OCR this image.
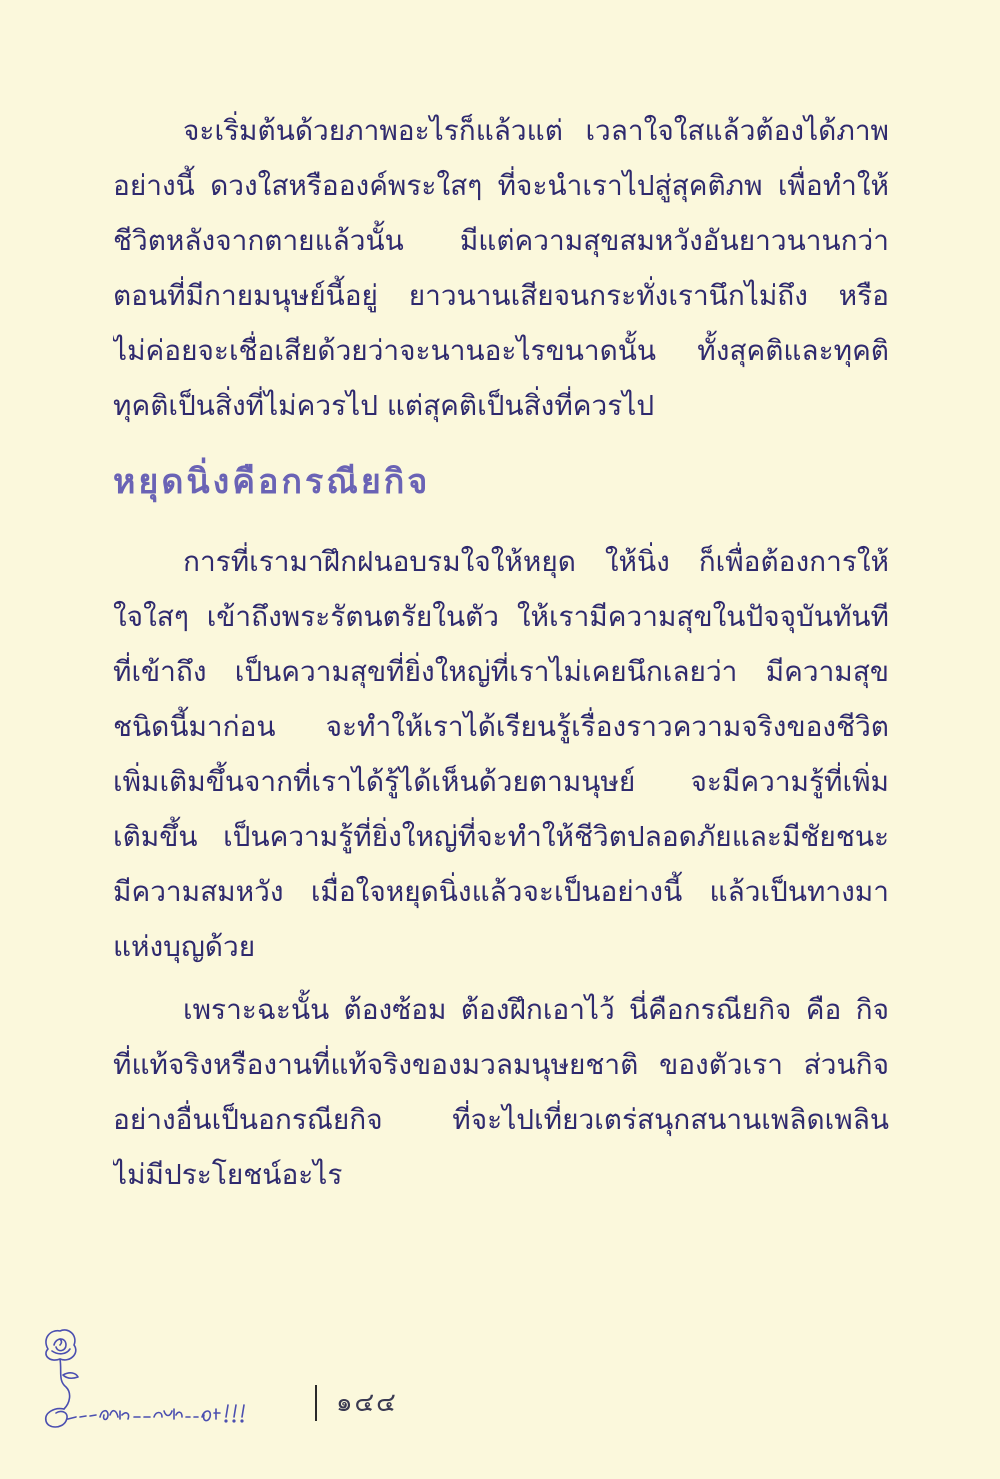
จะเริ่มต้นด้วยภาพอะไรก็แล้วแต่ เวลาใจใสแล้วต้องได้ภาพ
อย่างนี้ ดวงใสหรือองค์พระใสๆ ที่จะนำเราไปสู่สุคติภพ เพื่อทำให้
ชีวิตหลังจากตายแล้วนั้น มีแต่ความสุขสมหวังอันยาวนานกว่า
ตอนที่มีกายมนุษย์นี้อยู่ ยาวนานเสียจนกระทั่งเรานึกไม่ถึง หรือ
ไม่ค่อยจะเชื่อเสียด้วยว่าจะนานอะไรขนาดนั้น ทั้งสุคติและทุคติ
ทุคติเป็นสิ่งที่ไม่ควรไป แต่สุคติเป็นสิ่งที่ควรไป
หยุดนิ่งคือกรณียกิจ
การที่เรามาฝึกฝนอบรมใจให้หยุด ให้นิ่ง ก็เพื่อต้องการให้
ใจใสๆ เข้าถึงพระรัตนตรัยในตัว ให้เรามีความสุขในปัจจุบันทันที
ที่เข้าถึง เป็นความสุขที่ยิ่งใหญ่ที่เราไม่เคยนึกเลยว่า มีความสุข
ชนิดนี้มาก่อน จะทำให้เราได้เรียนรู้เรื่องราวความจริงของชีวิต
เพิ่มเติมขึ้นจากที่เราได้รู้ได้เห็นด้วยตามนุษย์ จะมีความรู้ที่เพิ่ม
เติมขึ้น เป็นความรู้ที่ยิ่งใหญ่ที่จะทำให้ชีวิตปลอดภัยและมีชัยชนะ
มีความสมหวัง เมื่อใจหยุดนิ่งแล้วจะเป็นอย่างนี้ แล้วเป็นทางมา
แห่งบุญด้วย
เพราะฉะนั้น ต้องซ้อม ต้องฝึกเอาไว้ นี่คือกรณียกิจ คือ กิจ
ที่แท้จริงหรืองานที่แท้จริงของมวลมนุษยชาติ ของตัวเรา ส่วนกิจ
อย่างอื่นเป็นอกรณียกิจ ที่จะไปเที่ยวเตร่สนุกสนานเพลิดเพลิน
ไม่มีประโยชน์อะไร
๑๔๔
